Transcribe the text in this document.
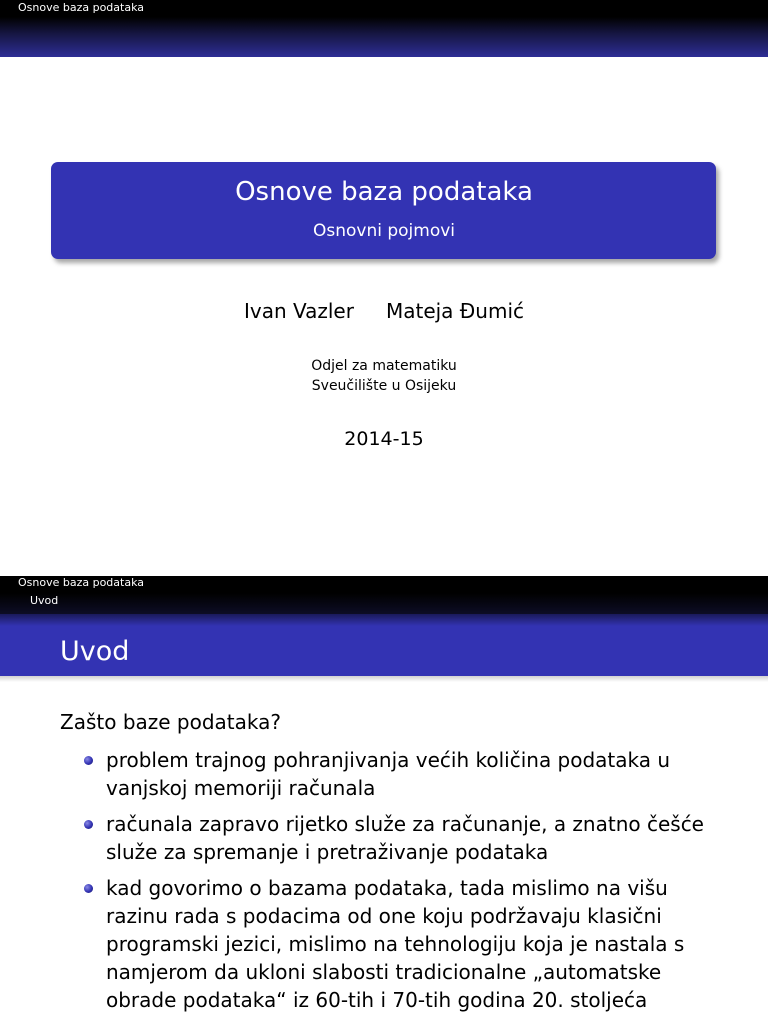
Osnove baza podataka
Osnove baza podataka
Osnovni pojmovi
Ivan Vazler Mateja Đumić
Odjel za matematiku
Sveučilište u Osijeku
2014-15
Osnove baza podataka
Uvod
Uvod
Zašto baze podataka?
problem trajnog pohranjivanja većih količina podataka u vanjskoj memoriji računala
računala zapravo rijetko služe za računanje, a znatno češće služe za spremanje i pretraživanje podataka
kad govorimo o bazama podataka, tada mislimo na višu razinu rada s podacima od one koju podržavaju klasični programski jezici, mislimo na tehnologiju koja je nastala s namjerom da ukloni slabosti tradicionalne „automatske obrade podataka“ iz 60-tih i 70-tih godina 20. stoljeća
